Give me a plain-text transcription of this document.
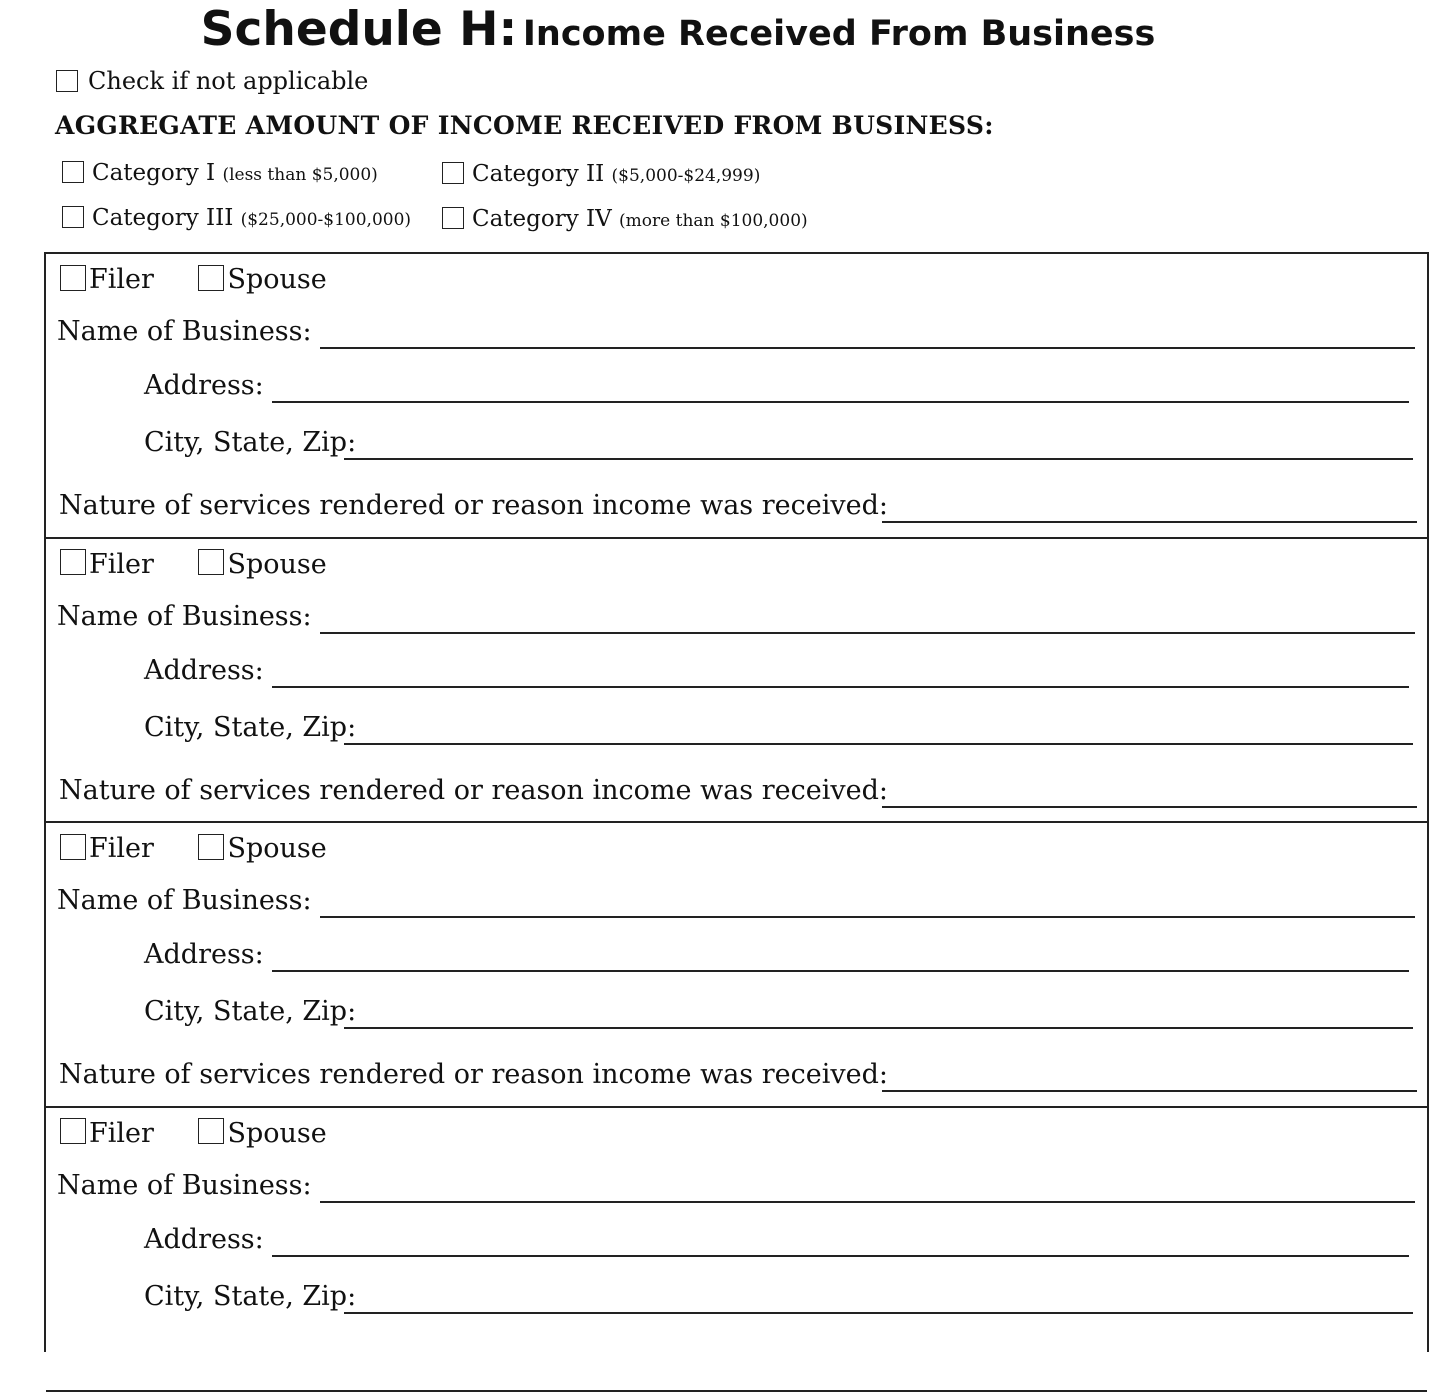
Schedule H: Income Received From Business
Check if not applicable
AGGREGATE AMOUNT OF INCOME RECEIVED FROM BUSINESS:
Category I (less than $5,000)	Category II ($5,000-$24,999)
Category III ($25,000-$100,000)	Category IV (more than $100,000)
Filer	Spouse
Name of Business:
Address:
City, State, Zip:
Nature of services rendered or reason income was received:
Filer	Spouse
Name of Business:
Address:
City, State, Zip:
Nature of services rendered or reason income was received:
Filer	Spouse
Name of Business:
Address:
City, State, Zip:
Nature of services rendered or reason income was received:
Filer	Spouse
Name of Business:
Address:
City, State, Zip:
